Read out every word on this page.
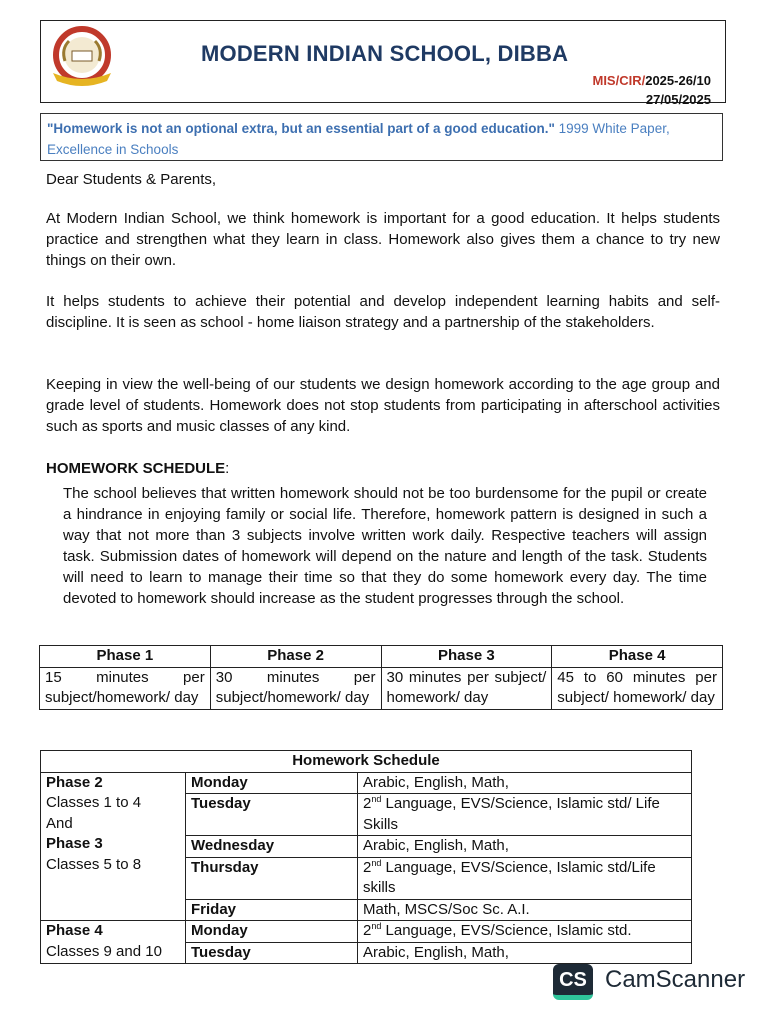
MODERN INDIAN SCHOOL, DIBBA
MIS/CIR/2025-26/10
27/05/2025
"Homework is not an optional extra, but an essential part of a good education." 1999 White Paper, Excellence in Schools
Dear Students & Parents,
At Modern Indian School, we think homework is important for a good education. It helps students practice and strengthen what they learn in class. Homework also gives them a chance to try new things on their own.
It helps students to achieve their potential and develop independent learning habits and self-discipline. It is seen as school - home liaison strategy and a partnership of the stakeholders.
Keeping in view the well-being of our students we design homework according to the age group and grade level of students. Homework does not stop students from participating in afterschool activities such as sports and music classes of any kind.
HOMEWORK SCHEDULE:
The school believes that written homework should not be too burdensome for the pupil or create a hindrance in enjoying family or social life. Therefore, homework pattern is designed in such a way that not more than 3 subjects involve written work daily. Respective teachers will assign task. Submission dates of homework will depend on the nature and length of the task. Students will need to learn to manage their time so that they do some homework every day. The time devoted to homework should increase as the student progresses through the school.
Phase 1	Phase 2	Phase 3	Phase 4
15 minutes per subject/homework/ day	30 minutes per subject/homework/ day	30 minutes per subject/ homework/ day	45 to 60 minutes per subject/ homework/ day
Homework Schedule		
Phase 2
Classes 1 to 4
And
Phase 3
Classes 5 to 8	Monday	Arabic, English, Math,
	Tuesday	2nd Language, EVS/Science, Islamic std/ Life Skills
	Wednesday	Arabic, English, Math,
	Thursday	2nd Language, EVS/Science, Islamic std/Life skills
	Friday	Math, MSCS/Soc Sc. A.I.
Phase 4
Classes 9 and 10	Monday	2nd Language, EVS/Science, Islamic std.
	Tuesday	Arabic, English, Math,
CS CamScanner
